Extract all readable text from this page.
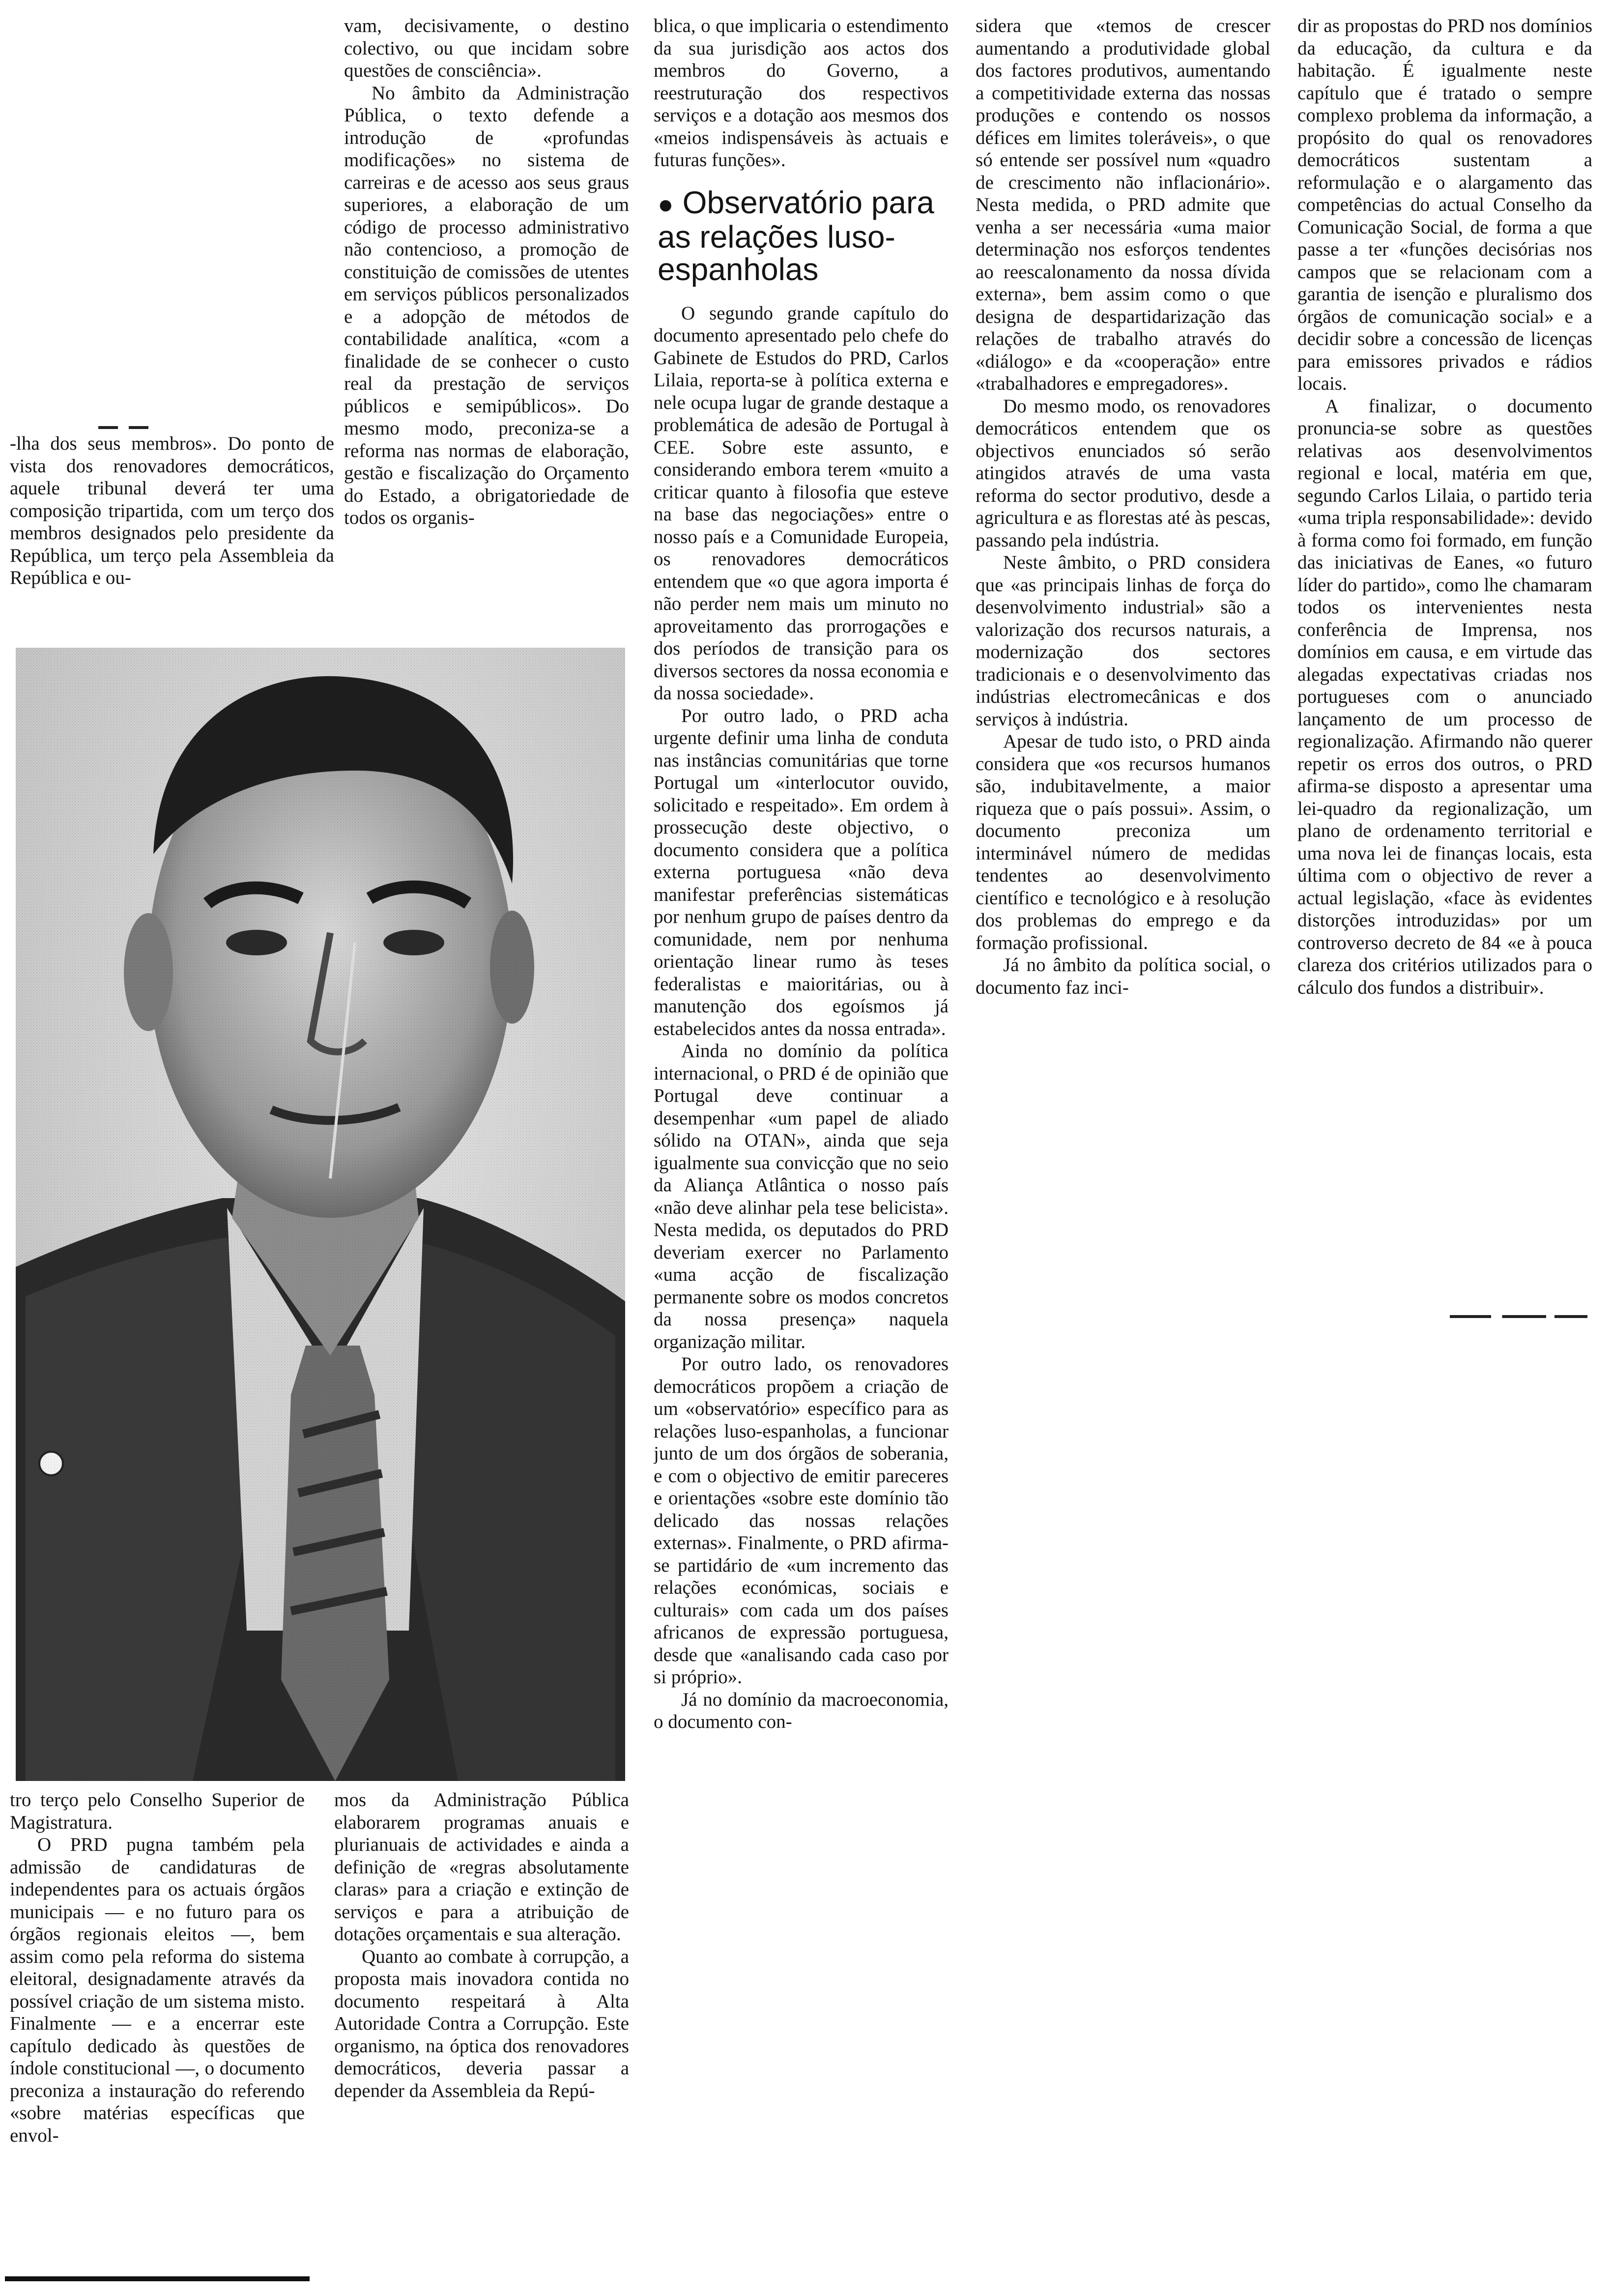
vam, decisivamente, o destino colectivo, ou que incidam sobre questões de consciência».

No âmbito da Administração Pública, o texto defende a introdução de «profundas modificações» no sistema de carreiras e de acesso aos seus graus superiores, a elaboração de um código de processo administrativo não contencioso, a promoção de constituição de comissões de utentes em serviços públicos personalizados e a adopção de métodos de contabilidade analítica, «com a finalidade de se conhecer o custo real da prestação de serviços públicos e semipúblicos». Do mesmo modo, preconiza-se a reforma nas normas de elaboração, gestão e fiscalização do Orçamento do Estado, a obrigatoriedade de todos os organis-

-lha dos seus membros». Do ponto de vista dos renovadores democráticos, aquele tribunal deverá ter uma composição tripartida, com um terço dos membros designados pelo presidente da República, um terço pela Assembleia da República e ou-

blica, o que implicaria o estendimento da sua jurisdição aos actos dos membros do Governo, a reestruturação dos respectivos serviços e a dotação aos mesmos dos «meios indispensáveis às actuais e futuras funções».

● Observatório para as relações luso-espanholas

O segundo grande capítulo do documento apresentado pelo chefe do Gabinete de Estudos do PRD, Carlos Lilaia, reporta-se à política externa e nele ocupa lugar de grande destaque a problemática de adesão de Portugal à CEE. Sobre este assunto, e considerando embora terem «muito a criticar quanto à filosofia que esteve na base das negociações» entre o nosso país e a Comunidade Europeia, os renovadores democráticos entendem que «o que agora importa é não perder nem mais um minuto no aproveitamento das prorrogações e dos períodos de transição para os diversos sectores da nossa economia e da nossa sociedade».

Por outro lado, o PRD acha urgente definir uma linha de conduta nas instâncias comunitárias que torne Portugal um «interlocutor ouvido, solicitado e respeitado». Em ordem à prossecução deste objectivo, o documento considera que a política externa portuguesa «não deva manifestar preferências sistemáticas por nenhum grupo de países dentro da comunidade, nem por nenhuma orientação linear rumo às teses federalistas e maioritárias, ou à manutenção dos egoísmos já estabelecidos antes da nossa entrada».

Ainda no domínio da política internacional, o PRD é de opinião que Portugal deve continuar a desempenhar «um papel de aliado sólido na OTAN», ainda que seja igualmente sua convicção que no seio da Aliança Atlântica o nosso país «não deve alinhar pela tese belicista». Nesta medida, os deputados do PRD deveriam exercer no Parlamento «uma acção de fiscalização permanente sobre os modos concretos da nossa presença» naquela organização militar.

Por outro lado, os renovadores democráticos propõem a criação de um «observatório» específico para as relações luso-espanholas, a funcionar junto de um dos órgãos de soberania, e com o objectivo de emitir pareceres e orientações «sobre este domínio tão delicado das nossas relações externas». Finalmente, o PRD afirma-se partidário de «um incremento das relações económicas, sociais e culturais» com cada um dos países africanos de expressão portuguesa, desde que «analisando cada caso por si próprio».

Já no domínio da macroeconomia, o documento con-

sidera que «temos de crescer aumentando a produtividade global dos factores produtivos, aumentando a competitividade externa das nossas produções e contendo os nossos défices em limites toleráveis», o que só entende ser possível num «quadro de crescimento não inflacionário». Nesta medida, o PRD admite que venha a ser necessária «uma maior determinação nos esforços tendentes ao reescalonamento da nossa dívida externa», bem assim como o que designa de despartidarização das relações de trabalho através do «diálogo» e da «cooperação» entre «trabalhadores e empregadores».

Do mesmo modo, os renovadores democráticos entendem que os objectivos enunciados só serão atingidos através de uma vasta reforma do sector produtivo, desde a agricultura e as florestas até às pescas, passando pela indústria.

Neste âmbito, o PRD considera que «as principais linhas de força do desenvolvimento industrial» são a valorização dos recursos naturais, a modernização dos sectores tradicionais e o desenvolvimento das indústrias electromecânicas e dos serviços à indústria.

Apesar de tudo isto, o PRD ainda considera que «os recursos humanos são, indubitavelmente, a maior riqueza que o país possui». Assim, o documento preconiza um interminável número de medidas tendentes ao desenvolvimento científico e tecnológico e à resolução dos problemas do emprego e da formação profissional.

Já no âmbito da política social, o documento faz inci-

dir as propostas do PRD nos domínios da educação, da cultura e da habitação. É igualmente neste capítulo que é tratado o sempre complexo problema da informação, a propósito do qual os renovadores democráticos sustentam a reformulação e o alargamento das competências do actual Conselho da Comunicação Social, de forma a que passe a ter «funções decisórias nos campos que se relacionam com a garantia de isenção e pluralismo dos órgãos de comunicação social» e a decidir sobre a concessão de licenças para emissores privados e rádios locais.

A finalizar, o documento pronuncia-se sobre as questões relativas aos desenvolvimentos regional e local, matéria em que, segundo Carlos Lilaia, o partido teria «uma tripla responsabilidade»: devido à forma como foi formado, em função das iniciativas de Eanes, «o futuro líder do partido», como lhe chamaram todos os intervenientes nesta conferência de Imprensa, nos domínios em causa, e em virtude das alegadas expectativas criadas nos portugueses com o anunciado lançamento de um processo de regionalização. Afirmando não querer repetir os erros dos outros, o PRD afirma-se disposto a apresentar uma lei-quadro da regionalização, um plano de ordenamento territorial e uma nova lei de finanças locais, esta última com o objectivo de rever a actual legislação, «face às evidentes distorções introduzidas» por um controverso decreto de 84 «e à pouca clareza dos critérios utilizados para o cálculo dos fundos a distribuir».

tro terço pelo Conselho Superior de Magistratura.

O PRD pugna também pela admissão de candidaturas de independentes para os actuais órgãos municipais — e no futuro para os órgãos regionais eleitos —, bem assim como pela reforma do sistema eleitoral, designadamente através da possível criação de um sistema misto. Finalmente — e a encerrar este capítulo dedicado às questões de índole constitucional —, o documento preconiza a instauração do referendo «sobre matérias específicas que envol-

mos da Administração Pública elaborarem programas anuais e plurianuais de actividades e ainda a definição de «regras absolutamente claras» para a criação e extinção de serviços e para a atribuição de dotações orçamentais e sua alteração.

Quanto ao combate à corrupção, a proposta mais inovadora contida no documento respeitará à Alta Autoridade Contra a Corrupção. Este organismo, na óptica dos renovadores democráticos, deveria passar a depender da Assembleia da Repú-
